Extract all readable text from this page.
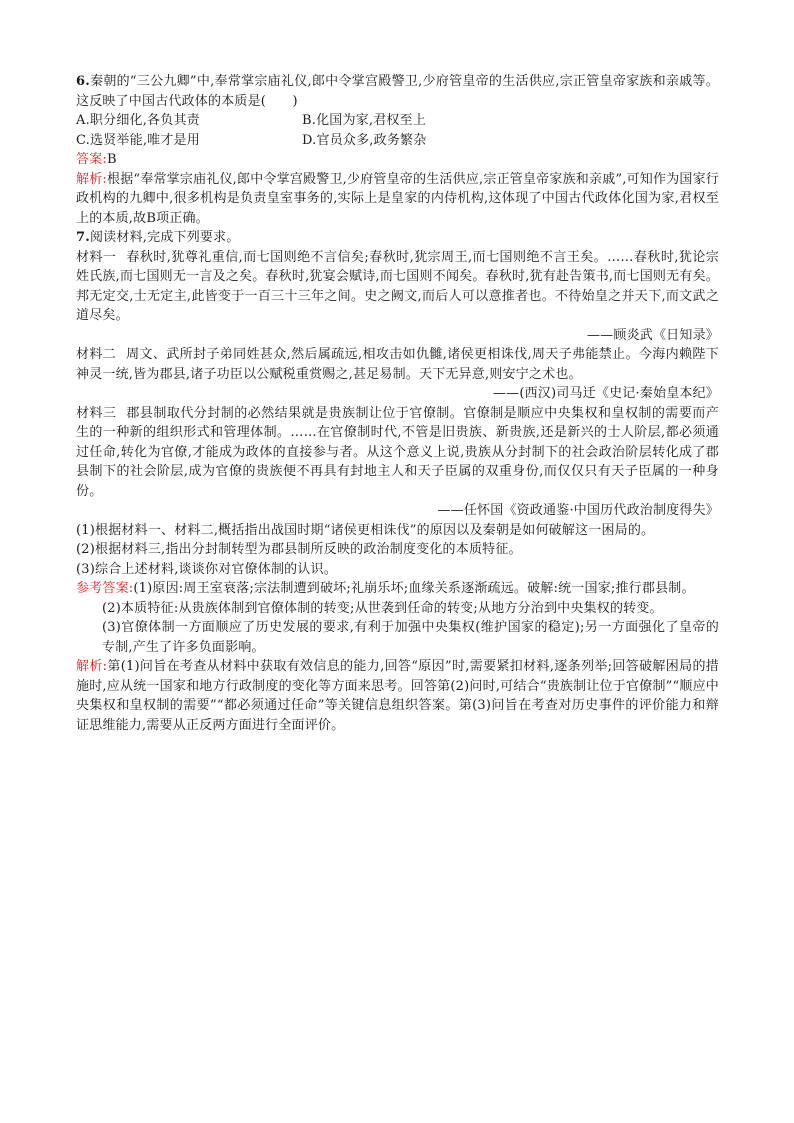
6.秦朝的“三公九卿”中,奉常掌宗庙礼仪,郎中令掌宫殿警卫,少府管皇帝的生活供应,宗正管皇帝家族和亲戚等。这反映了中国古代政体的本质是(　　)

A.职分细化,各负其责	B.化国为家,君权至上

C.选贤举能,唯才是用	D.官员众多,政务繁杂

答案:B

解析:根据“奉常掌宗庙礼仪,郎中令掌宫殿警卫,少府管皇帝的生活供应,宗正管皇帝家族和亲戚”,可知作为国家行政机构的九卿中,很多机构是负责皇室事务的,实际上是皇家的内侍机构,这体现了中国古代政体化国为家,君权至上的本质,故B项正确。

7.阅读材料,完成下列要求。

材料一 春秋时,犹尊礼重信,而七国则绝不言信矣;春秋时,犹宗周王,而七国则绝不言王矣。……春秋时,犹论宗姓氏族,而七国则无一言及之矣。春秋时,犹宴会赋诗,而七国则不闻矣。春秋时,犹有赴告策书,而七国则无有矣。邦无定交,士无定主,此皆变于一百三十三年之间。史之阙文,而后人可以意推者也。不待始皇之并天下,而文武之道尽矣。

——顾炎武《日知录》

材料二 周文、武所封子弟同姓甚众,然后属疏远,相攻击如仇雠,诸侯更相诛伐,周天子弗能禁止。今海内赖陛下神灵一统,皆为郡县,诸子功臣以公赋税重赏赐之,甚足易制。天下无异意,则安宁之术也。

——(西汉)司马迁《史记·秦始皇本纪》

材料三 郡县制取代分封制的必然结果就是贵族制让位于官僚制。官僚制是顺应中央集权和皇权制的需要而产生的一种新的组织形式和管理体制。……在官僚制时代,不管是旧贵族、新贵族,还是新兴的士人阶层,都必须通过任命,转化为官僚,才能成为政体的直接参与者。从这个意义上说,贵族从分封制下的社会政治阶层转化成了郡县制下的社会阶层,成为官僚的贵族便不再具有封地主人和天子臣属的双重身份,而仅仅只有天子臣属的一种身份。

——任怀国《资政通鉴·中国历代政治制度得失》

(1)根据材料一、材料二,概括指出战国时期“诸侯更相诛伐”的原因以及秦朝是如何破解这一困局的。

(2)根据材料三,指出分封制转型为郡县制所反映的政治制度变化的本质特征。

(3)综合上述材料,谈谈你对官僚体制的认识。

参考答案:(1)原因:周王室衰落;宗法制遭到破坏;礼崩乐坏;血缘关系逐渐疏远。破解:统一国家;推行郡县制。

(2)本质特征:从贵族体制到官僚体制的转变;从世袭到任命的转变;从地方分治到中央集权的转变。

(3)官僚体制一方面顺应了历史发展的要求,有利于加强中央集权(维护国家的稳定);另一方面强化了皇帝的专制,产生了许多负面影响。

解析:第(1)问旨在考查从材料中获取有效信息的能力,回答“原因”时,需要紧扣材料,逐条列举;回答破解困局的措施时,应从统一国家和地方行政制度的变化等方面来思考。回答第(2)问时,可结合“贵族制让位于官僚制”“顺应中央集权和皇权制的需要”“都必须通过任命”等关键信息组织答案。第(3)问旨在考查对历史事件的评价能力和辩证思维能力,需要从正反两方面进行全面评价。
